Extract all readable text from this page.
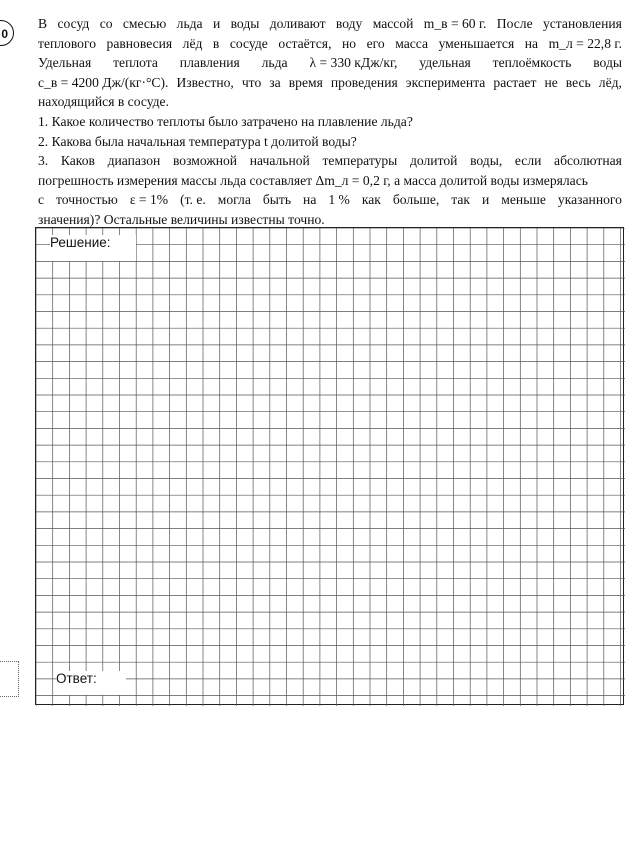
0
В сосуд со смесью льда и воды доливают воду массой m_в = 60 г. После установления
теплового равновесия лёд в сосуде остаётся, но его масса уменьшается на m_л = 22,8 г.
Удельная теплота плавления льда λ = 330 кДж/кг, удельная теплоёмкость воды
c_в = 4200 Дж/(кг·°С). Известно, что за время проведения эксперимента растает не весь лёд,
находящийся в сосуде.
1. Какое количество теплоты было затрачено на плавление льда?
2. Какова была начальная температура t долитой воды?
3. Каков диапазон возможной начальной температуры долитой воды, если абсолютная
погрешность измерения массы льда составляет Δm_л = 0,2 г, а масса долитой воды измерялась
с точностью ε = 1% (т. е. могла быть на 1 % как больше, так и меньше указанного
значения)? Остальные величины известны точно.
Решение:
Ответ:
